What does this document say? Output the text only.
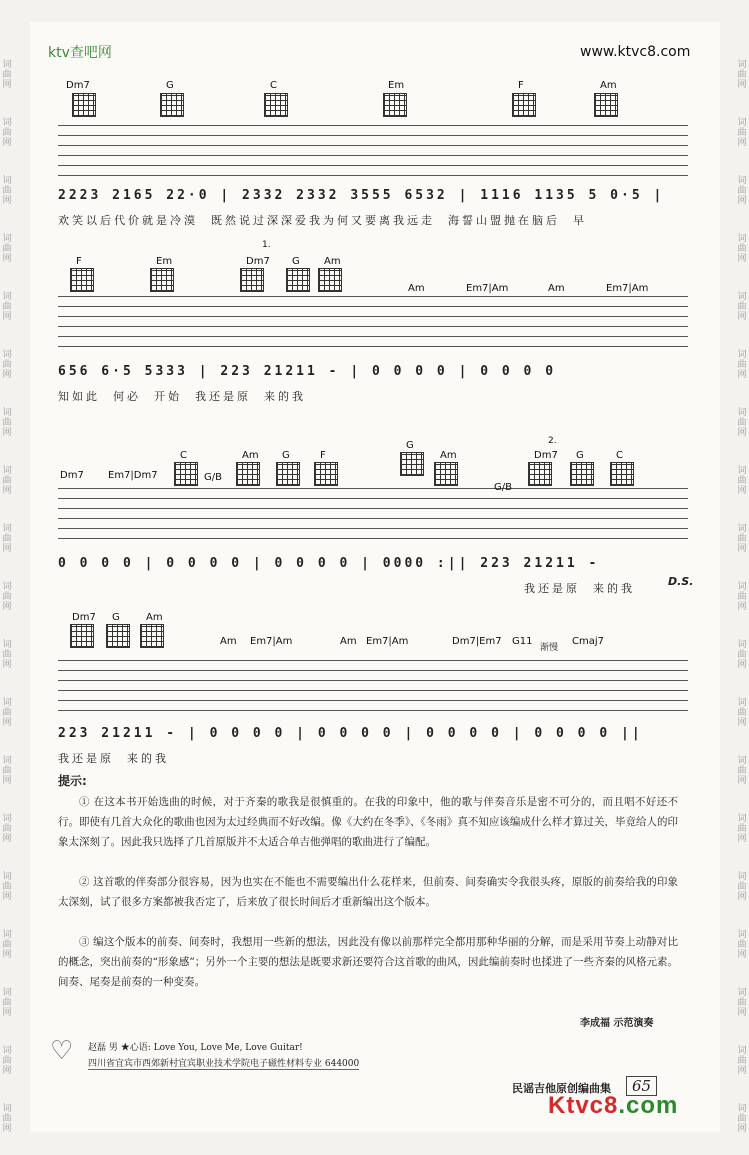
词
曲
网
词
曲
网
词
曲
网
词
曲
网
词
曲
网
词
曲
网
词
曲
网
词
曲
网
词
曲
网
词
曲
网
词
曲
网
词
曲
网
词
曲
网
词
曲
网
词
曲
网
词
曲
网
词
曲
网
词
曲
网
词
曲
网
词
曲
网
词
曲
网
词
曲
网
词
曲
网
词
曲
网
词
曲
网
词
曲
网
词
曲
网
词
曲
网
词
曲
网
词
曲
网
词
曲
网
词
曲
网
词
曲
网
词
曲
网
词
曲
网
词
曲
网
词
曲
网
词
曲
网
ktv查吧网	www.ktvc8.com
Dm7	G	C	Em	F	Am
2223 2165 22·0 | 2332 2332 3555 6532 | 1116 1135 5 0·5 |
欢笑以后代价就是冷漠  既然说过深深爱我为何又要离我远走  海誓山盟抛在脑后  早
1.
F	Em	Dm7 G Am
Am	Em7|Am	Am	Em7|Am
656 6·5 5333 | 223 21211 - | 0 0 0 0 | 0 0 0 0
知如此  何必  开始  我还是原  来的我
2.
Dm7 Em7|Dm7
C
G/B
Am G	F
G
Am
G/B
Dm7 G	C
0 0 0 0 | 0 0 0 0 | 0 0 0 0 | 0000 :|| 223 21211 -
我还是原  来的我
D.S.
Dm7 G	Am
Am Em7|Am	Am Em7|Am	Dm7|Em7 G11
渐慢
Cmaj7
223 21211 - | 0 0 0 0 | 0 0 0 0 | 0 0 0 0 | 0 0 0 0 ||
我还是原  来的我
提示:
① 在这本书开始选曲的时候，对于齐秦的歌我是很慎重的。在我的印象中，他的歌与伴奏音乐是密不可分的，而且唱不好还不行。即使有几首大众化的歌曲也因为太过经典而不好改编。像《大约在冬季》、《冬雨》真不知应该编成什么样才算过关，毕竟给人的印象太深刻了。因此我只选择了几首原版并不太适合单吉他弹唱的歌曲进行了编配。
② 这首歌的伴奏部分很容易，因为也实在不能也不需要编出什么花样来，但前奏、间奏确实令我很头疼，原版的前奏给我的印象太深刻，试了很多方案都被我否定了，后来放了很长时间后才重新编出这个版本。
③ 编这个版本的前奏、间奏时，我想用一些新的想法，因此没有像以前那样完全都用那种华丽的分解，而是采用节奏上动静对比的概念，突出前奏的“形象感”；另外一个主要的想法是既要求新还要符合这首歌的曲风，因此编前奏时也揉进了一些齐秦的风格元素。间奏、尾奏是前奏的一种变奏。
李成福 示范演奏
♡ 赵磊 男 ★心语: Love You, Love Me, Love Guitar!
四川省宜宾市西郊新村宜宾职业技术学院电子磁性材料专业 644000
民谣吉他原创编曲集	65
Ktvc8.com
